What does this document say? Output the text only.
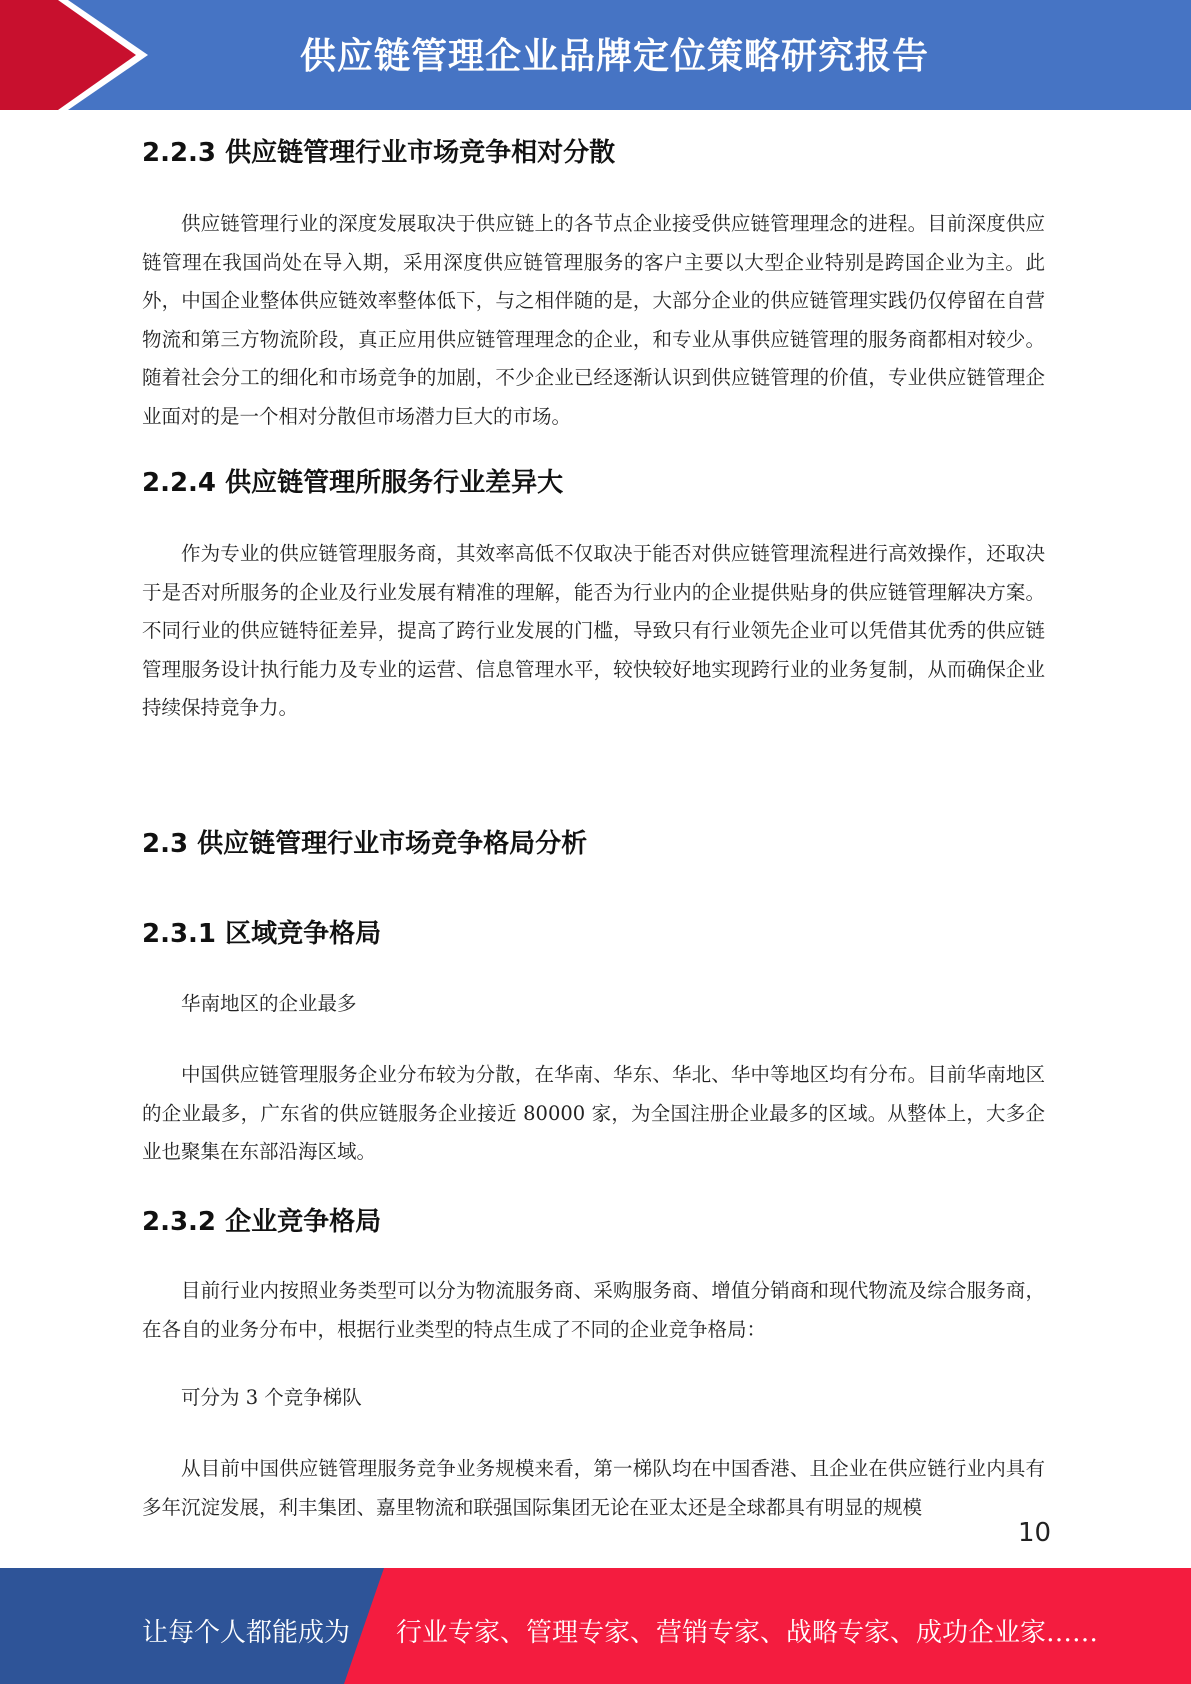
供应链管理企业品牌定位策略研究报告
2.2.3 供应链管理行业市场竞争相对分散

供应链管理行业的深度发展取决于供应链上的各节点企业接受供应链管理理念的进程。目前深度供应链管理在我国尚处在导入期，采用深度供应链管理服务的客户主要以大型企业特别是跨国企业为主。此外，中国企业整体供应链效率整体低下，与之相伴随的是，大部分企业的供应链管理实践仍仅停留在自营物流和第三方物流阶段，真正应用供应链管理理念的企业，和专业从事供应链管理的服务商都相对较少。随着社会分工的细化和市场竞争的加剧，不少企业已经逐渐认识到供应链管理的价值，专业供应链管理企业面对的是一个相对分散但市场潜力巨大的市场。

2.2.4 供应链管理所服务行业差异大

作为专业的供应链管理服务商，其效率高低不仅取决于能否对供应链管理流程进行高效操作，还取决于是否对所服务的企业及行业发展有精准的理解，能否为行业内的企业提供贴身的供应链管理解决方案。不同行业的供应链特征差异，提高了跨行业发展的门槛，导致只有行业领先企业可以凭借其优秀的供应链管理服务设计执行能力及专业的运营、信息管理水平，较快较好地实现跨行业的业务复制，从而确保企业持续保持竞争力。

2.3 供应链管理行业市场竞争格局分析
2.3.1 区域竞争格局

华南地区的企业最多

中国供应链管理服务企业分布较为分散，在华南、华东、华北、华中等地区均有分布。目前华南地区的企业最多，广东省的供应链服务企业接近 80000 家，为全国注册企业最多的区域。从整体上，大多企业也聚集在东部沿海区域。

2.3.2 企业竞争格局

目前行业内按照业务类型可以分为物流服务商、采购服务商、增值分销商和现代物流及综合服务商，在各自的业务分布中，根据行业类型的特点生成了不同的企业竞争格局：

可分为 3 个竞争梯队

从目前中国供应链管理服务竞争业务规模来看，第一梯队均在中国香港、且企业在供应链行业内具有多年沉淀发展，利丰集团、嘉里物流和联强国际集团无论在亚太还是全球都具有明显的规模

10
让每个人都能成为 行业专家、管理专家、营销专家、战略专家、成功企业家……
